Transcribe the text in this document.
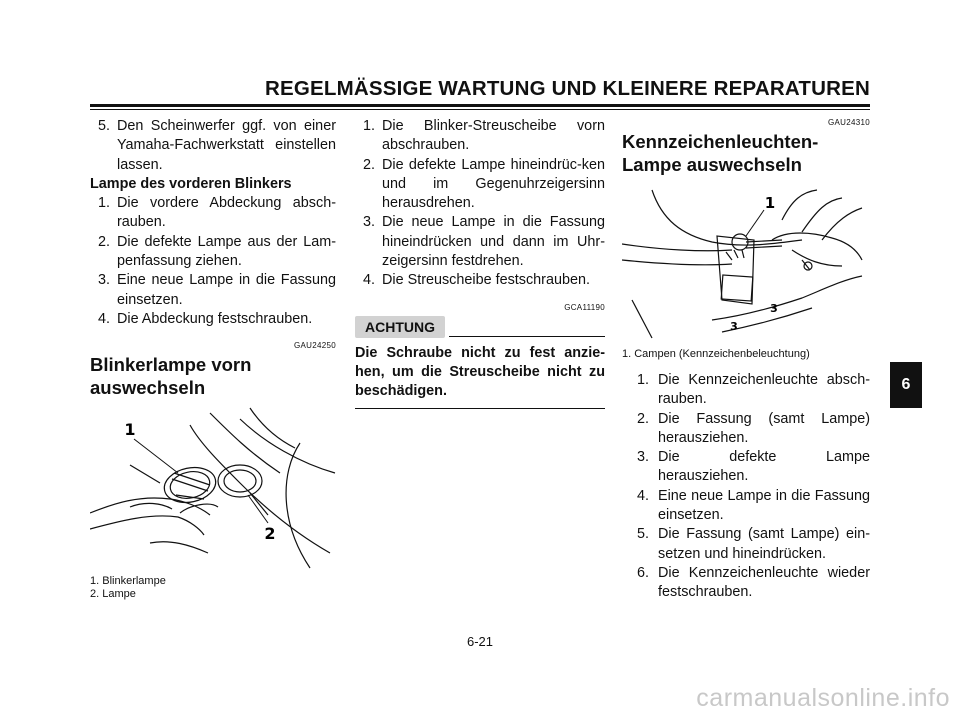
REGELMÄSSIGE WARTUNG UND KLEINERE REPARATUREN
5. Den Scheinwerfer ggf. von einer Yamaha-Fachwerkstatt einstellen lassen.
Lampe des vorderen Blinkers
1. Die vordere Abdeckung absch-rauben.
2. Die defekte Lampe aus der Lam-penfassung ziehen.
3. Eine neue Lampe in die Fassung einsetzen.
4. Die Abdeckung festschrauben.
GAU24250
Blinkerlampe vorn auswechseln
1
2
1. Blinkerlampe
2. Lampe
1. Die Blinker-Streuscheibe vorn abschrauben.
2. Die defekte Lampe hineindrüc-ken und im Gegenuhrzeigersinn herausdrehen.
3. Die neue Lampe in die Fassung hineindrücken und dann im Uhr-zeigersinn festdrehen.
4. Die Streuscheibe festschrauben.
GCA11190
ACHTUNG
Die Schraube nicht zu fest anzie-hen, um die Streuscheibe nicht zu beschädigen.
GAU24310
Kennzeichenleuchten-Lampe auswechseln
1
3
3
1. Campen (Kennzeichenbeleuchtung)
1. Die Kennzeichenleuchte absch-rauben.
2. Die Fassung (samt Lampe) herausziehen.
3. Die defekte Lampe herausziehen.
4. Eine neue Lampe in die Fassung einsetzen.
5. Die Fassung (samt Lampe) ein-setzen und hineindrücken.
6. Die Kennzeichenleuchte wieder festschrauben.
6
6-21
carmanualsonline.info
